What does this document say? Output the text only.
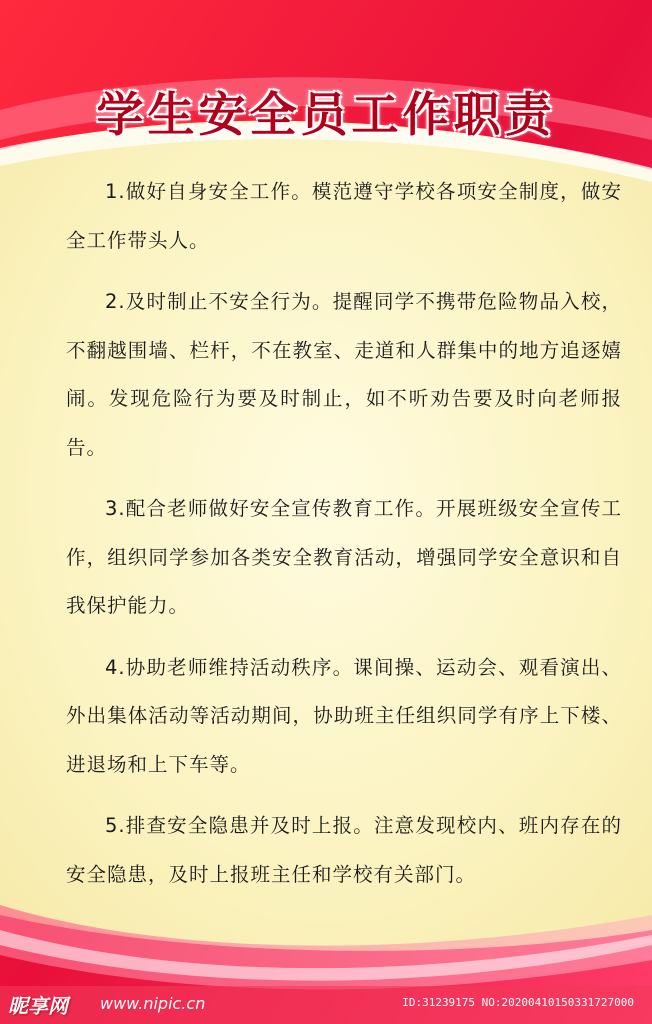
学生安全员工作职责

1.做好自身安全工作。模范遵守学校各项安全制度，做安全工作带头人。

2.及时制止不安全行为。提醒同学不携带危险物品入校，不翻越围墙、栏杆，不在教室、走道和人群集中的地方追逐嬉闹。发现危险行为要及时制止，如不听劝告要及时向老师报告。

3.配合老师做好安全宣传教育工作。开展班级安全宣传工作，组织同学参加各类安全教育活动，增强同学安全意识和自我保护能力。

4.协助老师维持活动秩序。课间操、运动会、观看演出、外出集体活动等活动期间，协助班主任组织同学有序上下楼、进退场和上下车等。

5.排查安全隐患并及时上报。注意发现校内、班内存在的安全隐患，及时上报班主任和学校有关部门。

昵享网 www.nipic.cn	ID:31239175 NO:20200410150331727000
